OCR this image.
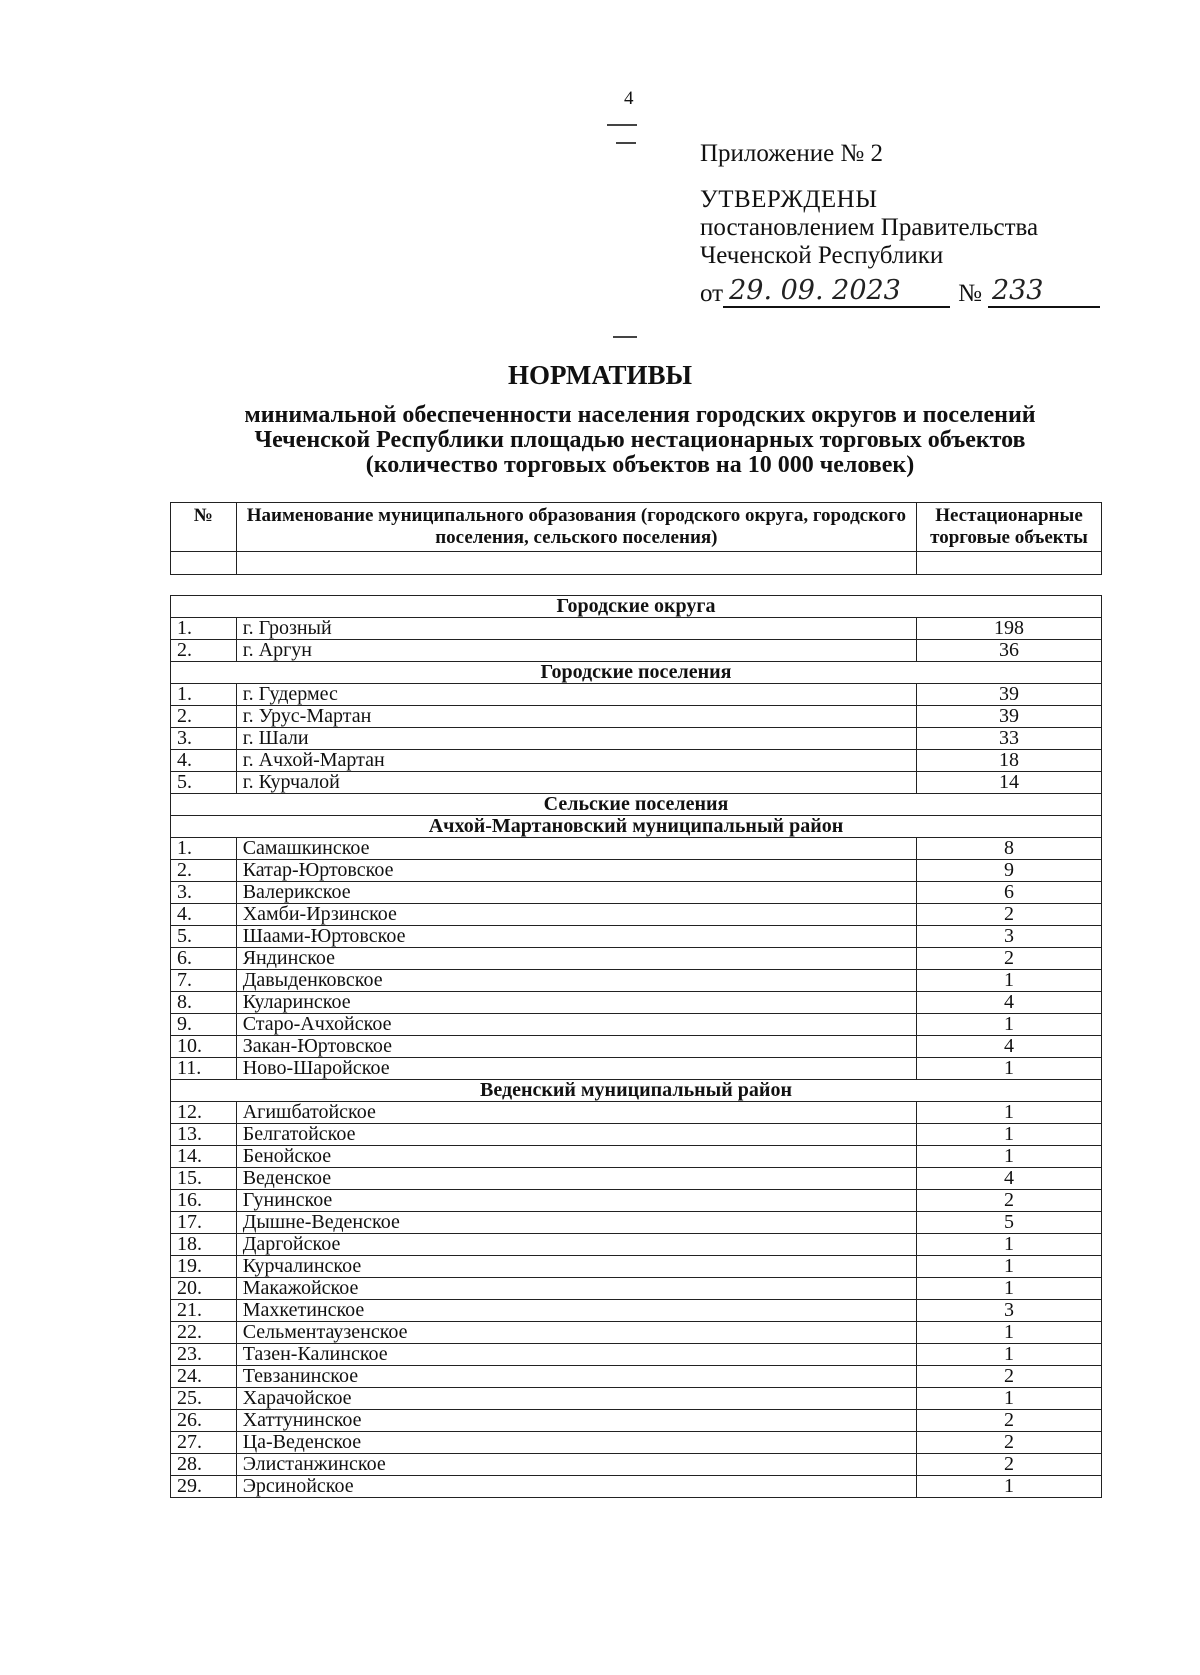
4
Приложение № 2
УТВЕРЖДЕНЫ
постановлением Правительства
Чеченской Республики
от 29. 09. 2023	№ 233
НОРМАТИВЫ
минимальной обеспеченности населения городских округов и поселений
Чеченской Республики площадью нестационарных торговых объектов
(количество торговых объектов на 10 000 человек)
№	Наименование муниципального образования (городского округа, городского поселения, сельского поселения)	Нестационарные торговые объекты

Городские округа		
1.	г. Грозный	198
2.	г. Аргун	36
Городские поселения		
1.	г. Гудермес	39
2.	г. Урус-Мартан	39
3.	г. Шали	33
4.	г. Ачхой-Мартан	18
5.	г. Курчалой	14
Сельские поселения		
Ачхой-Мартановский муниципальный район		
1.	Самашкинское	8
2.	Катар-Юртовское	9
3.	Валерикское	6
4.	Хамби-Ирзинское	2
5.	Шаами-Юртовское	3
6.	Яндинское	2
7.	Давыденковское	1
8.	Куларинское	4
9.	Старо-Ачхойское	1
10.	Закан-Юртовское	4
11.	Ново-Шаройское	1
Веденский муниципальный район		
12.	Агишбатойское	1
13.	Белгатойское	1
14.	Бенойское	1
15.	Веденское	4
16.	Гунинское	2
17.	Дышне-Веденское	5
18.	Даргойское	1
19.	Курчалинское	1
20.	Макажойское	1
21.	Махкетинское	3
22.	Сельментаузенское	1
23.	Тазен-Калинское	1
24.	Тевзанинское	2
25.	Харачойское	1
26.	Хаттунинское	2
27.	Ца-Веденское	2
28.	Элистанжинское	2
29.	Эрсинойское	1
